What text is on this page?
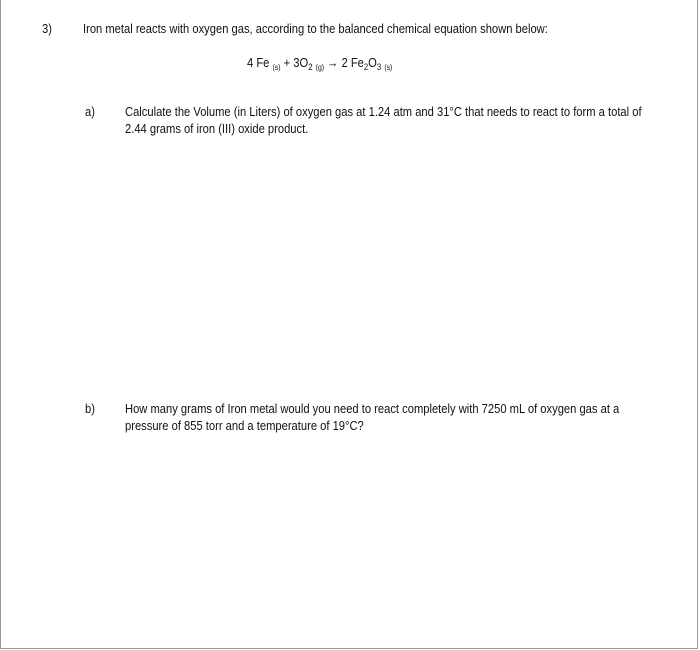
3) Iron metal reacts with oxygen gas, according to the balanced chemical equation shown below:
4 Fe $_{(s)} + 3O_2$ $_{(g)}$ → 2 $Fe_2O_3$ $_{(s)}$
a) Calculate the Volume (in Liters) of oxygen gas at 1.24 atm and 31°C that needs to react to form a total of 2.44 grams of iron (III) oxide product.
b) How many grams of Iron metal would you need to react completely with 7250 mL of oxygen gas at a pressure of 855 torr and a temperature of 19°C?
